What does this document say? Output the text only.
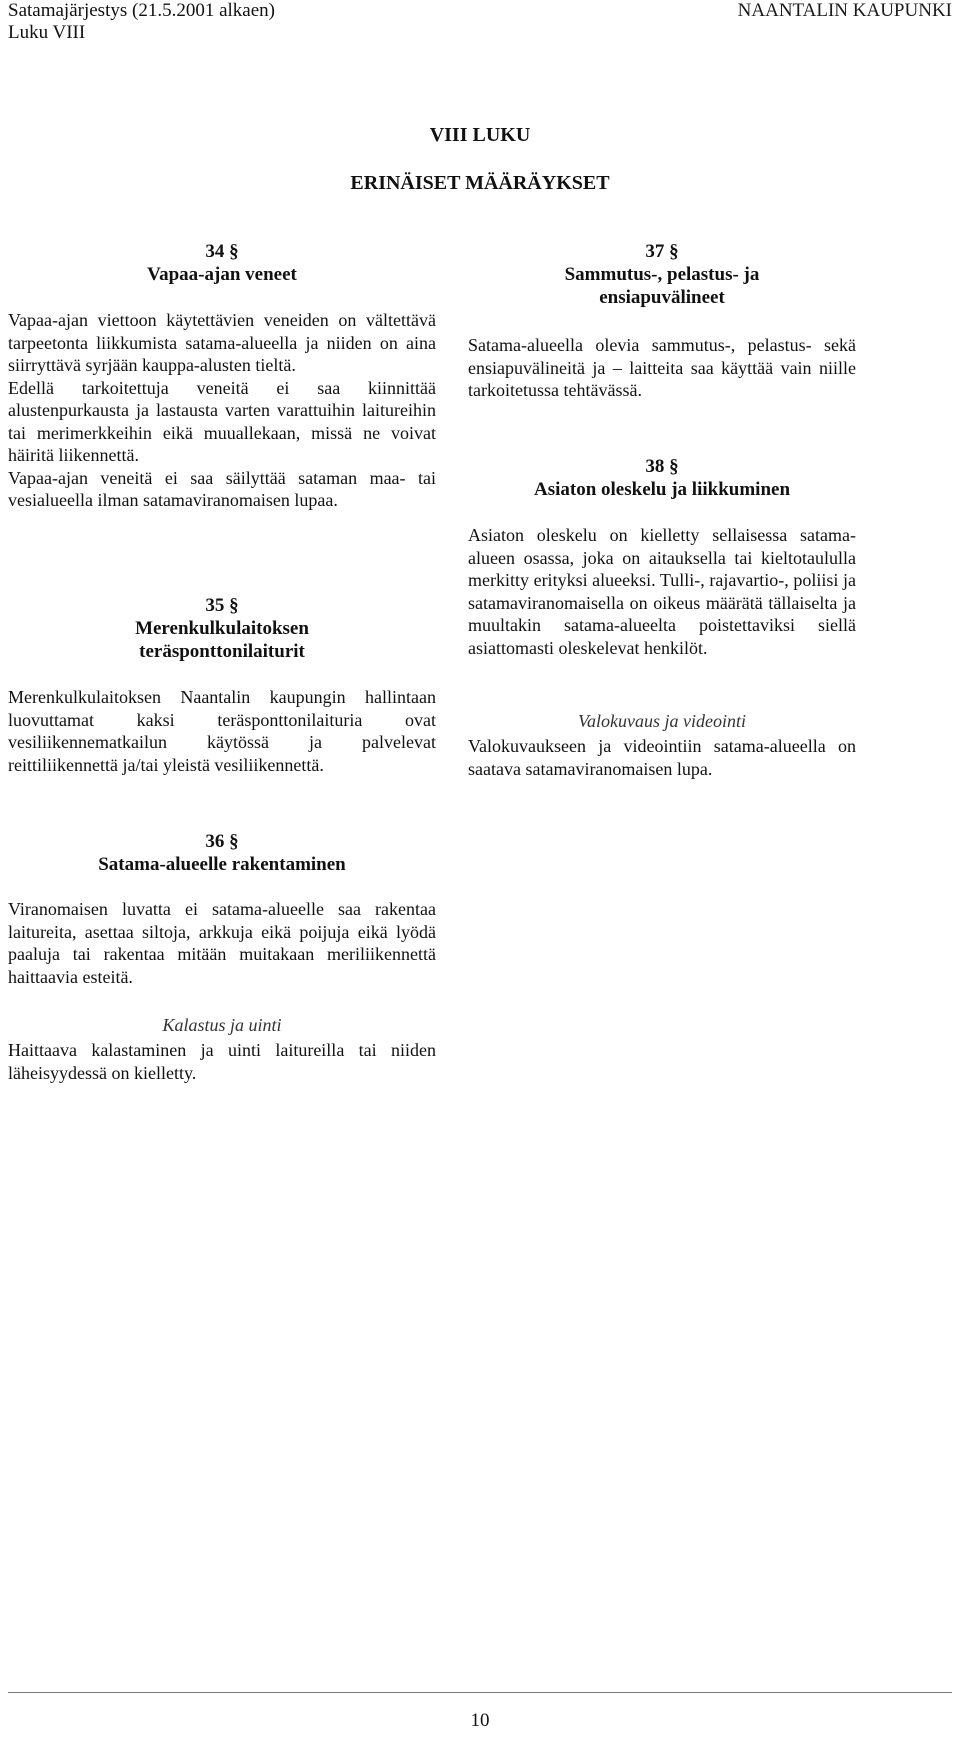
Satamajärjestys (21.5.2001 alkaen)
Luku VIII
NAANTALIN KAUPUNKI
VIII LUKU
ERINÄISET MÄÄRÄYKSET
34 §
Vapaa-ajan veneet

Vapaa-ajan viettoon käytettävien veneiden on vältettävä tarpeetonta liikkumista satama-alueella ja niiden on aina siirryttävä syrjään kauppa-alusten tieltä.

Edellä tarkoitettuja veneitä ei saa kiinnittää alustenpurkausta ja lastausta varten varattuihin laitureihin tai merimerkkeihin eikä muuallekaan, missä ne voivat häiritä liikennettä.

Vapaa-ajan veneitä ei saa säilyttää sataman maa- tai vesialueella ilman satamaviranomaisen lupaa.

35 §
Merenkulkulaitoksen
teräsponttonilaiturit

Merenkulkulaitoksen Naantalin kaupungin hallintaan luovuttamat kaksi teräsponttonilaituria ovat vesiliikennematkailun käytössä ja palvelevat reittiliikennettä ja/tai yleistä vesiliikennettä.

36 §
Satama-alueelle rakentaminen

Viranomaisen luvatta ei satama-alueelle saa rakentaa laitureita, asettaa siltoja, arkkuja eikä poijuja eikä lyödä paaluja tai rakentaa mitään muitakaan meriliikennettä haittaavia esteitä.

Kalastus ja uinti

Haittaava kalastaminen ja uinti laitureilla tai niiden läheisyydessä on kielletty.

37 §
Sammutus-, pelastus- ja
ensiapuvälineet

Satama-alueella olevia sammutus-, pelastus- sekä ensiapuvälineitä ja – laitteita saa käyttää vain niille tarkoitetussa tehtävässä.

38 §
Asiaton oleskelu ja liikkuminen

Asiaton oleskelu on kielletty sellaisessa satama-alueen osassa, joka on aitauksella tai kieltotaululla merkitty erityksi alueeksi. Tulli-, rajavartio-, poliisi ja satamaviranomaisella on oikeus määrätä tällaiselta ja muultakin satama-alueelta poistettaviksi siellä asiattomasti oleskelevat henkilöt.

Valokuvaus ja videointi

Valokuvaukseen ja videointiin satama-alueella on saatava satamaviranomaisen lupa.

10
